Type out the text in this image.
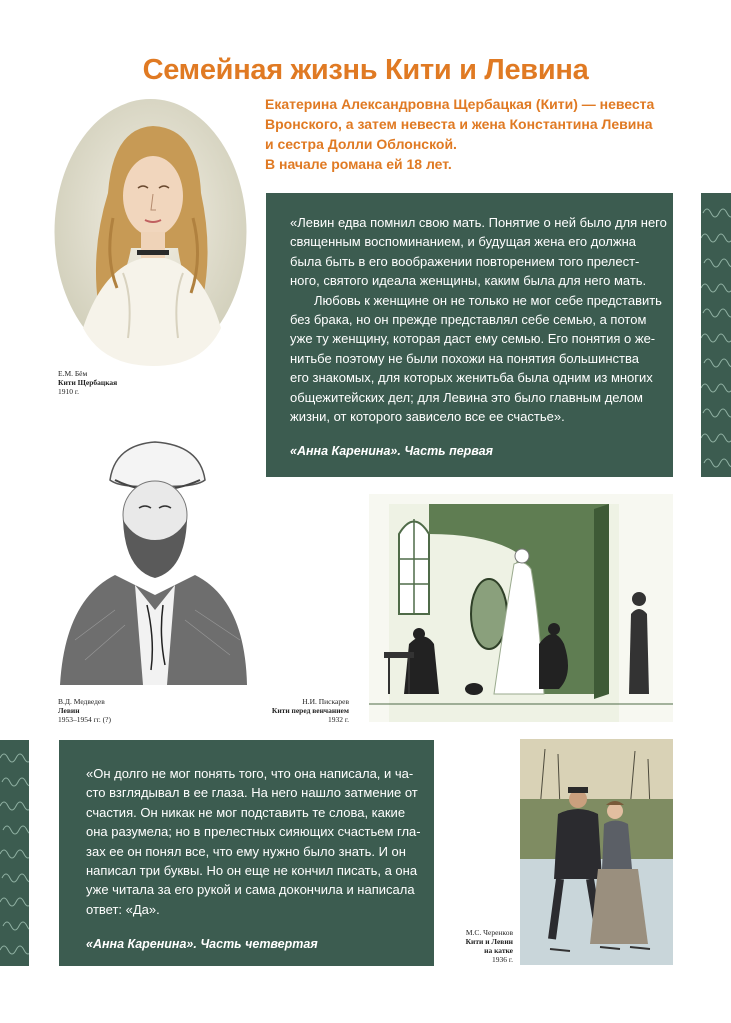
Семейная жизнь Кити и Левина
Екатерина Александровна Щербацкая (Кити) — невеста
Вронского, а затем невеста и жена Константина Левина
и сестра Долли Облонской.
В начале романа ей 18 лет.
Е.М. Бём
Кити Щербацкая
1910 г.

«Левин едва помнил свою мать. Понятие о ней было для него
священным воспоминанием, и будущая жена его должна
была быть в его воображении повторением того прелест-
ного, святого идеала женщины, каким была для него мать.
Любовь к женщине он не только не мог себе представить
без брака, но он прежде представлял себе семью, а потом
уже ту женщину, которая даст ему семью. Его понятия о же-
нитьбе поэтому не были похожи на понятия большинства
его знакомых, для которых женитьба была одним из многих
общежитейских дел; для Левина это было главным делом
жизни, от которого зависело все ее счастье».

«Анна Каренина». Часть первая
В.Д. Медведев
Левин
1953–1954 гг. (?)
Н.И. Пискарев
Кити перед венчанием
1932 г.

«Он долго не мог понять того, что она написала, и ча-
сто взглядывал в ее глаза. На него нашло затмение от
счастия. Он никак не мог подставить те слова, какие
она разумела; но в прелестных сияющих счастьем гла-
зах ее он понял все, что ему нужно было знать. И он
написал три буквы. Но он еще не кончил писать, а она
уже читала за его рукой и сама докончила и написала
ответ: «Да».

«Анна Каренина». Часть четвертая
М.С. Черенков
Кити и Левин
на катке
1936 г.
